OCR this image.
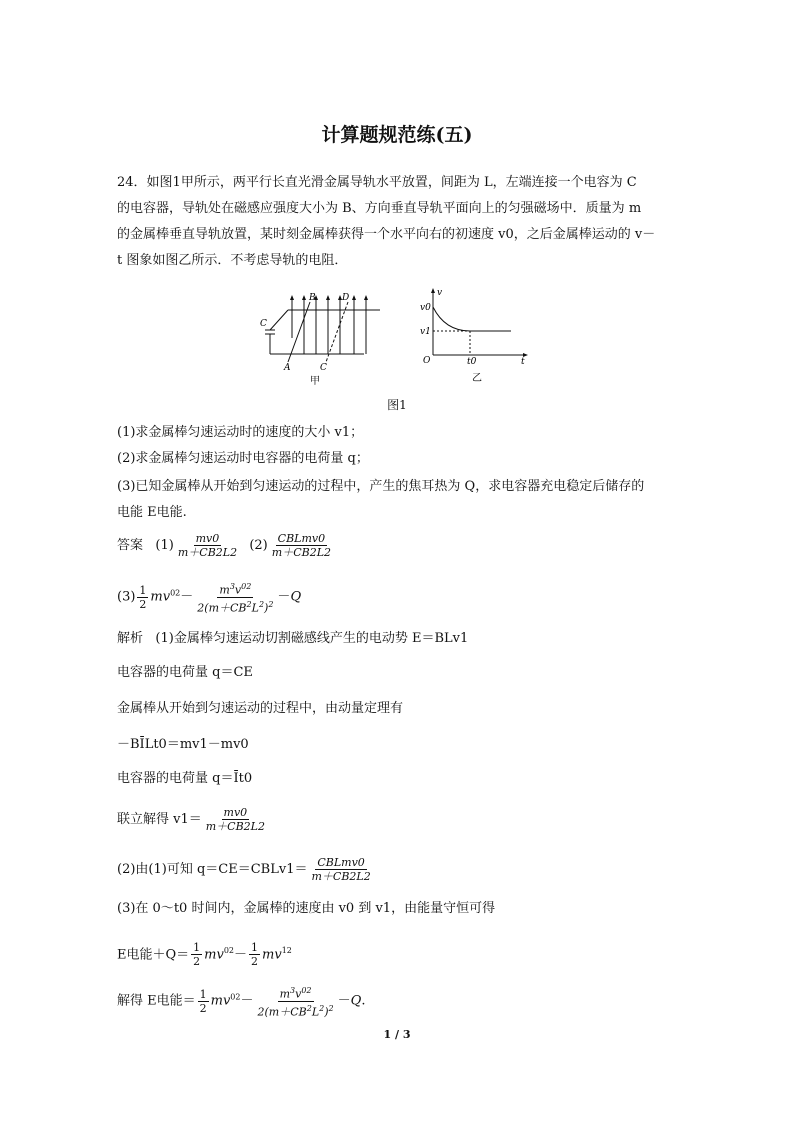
计算题规范练(五)
24．如图1甲所示，两平行长直光滑金属导轨水平放置，间距为 L，左端连接一个电容为 C
的电容器，导轨处在磁感应强度大小为 B、方向垂直导轨平面向上的匀强磁场中．质量为 m
的金属棒垂直导轨放置，某时刻金属棒获得一个水平向右的初速度 v0，之后金属棒运动的 v－
t 图象如图乙所示．不考虑导轨的电阻．
B	D
C
A	C
甲
v
v0
v1
O	t0	t
乙
图1
(1)求金属棒匀速运动时的速度的大小 v1；
(2)求金属棒匀速运动时电容器的电荷量 q；
(3)已知金属棒从开始到匀速运动的过程中，产生的焦耳热为 Q，求电容器充电稳定后储存的
电能 E电能.
答案 $(1) \frac{mv0}{m+CB2L2} (2) \frac{\text{CBLmv0}}{m+CB2L2}$
$(3) \frac{1}{2} mv^{02}- \frac{m^3v^{02}}{2(m+CB^2L^2)^2} -Q$
解析 (1)金属棒匀速运动切割磁感线产生的电动势 E＝BLv1
电容器的电荷量 q＝CE
金属棒从开始到匀速运动的过程中，由动量定理有
－BĪLt0＝mv1－mv0
电容器的电荷量 q＝Īt0
联立解得 $v1= \frac{mv0}{m+CB2L2}$
(2)由(1)可知 q＝CE＝CBLv1＝ $\frac{\text{CBLmv0}}{m+CB2L2}$
(3)在 0～t0 时间内，金属棒的速度由 v0 到 v1，由能量守恒可得
E电能$+Q= \frac{1}{2} mv^{02}- \frac{1}{2} mv^{12}$
解得 E电能＝ $\frac{1}{2} mv^{02}- \frac{m^3v^{02}}{2(m+CB^2L^2)^2} -Q$.
1 / 3
